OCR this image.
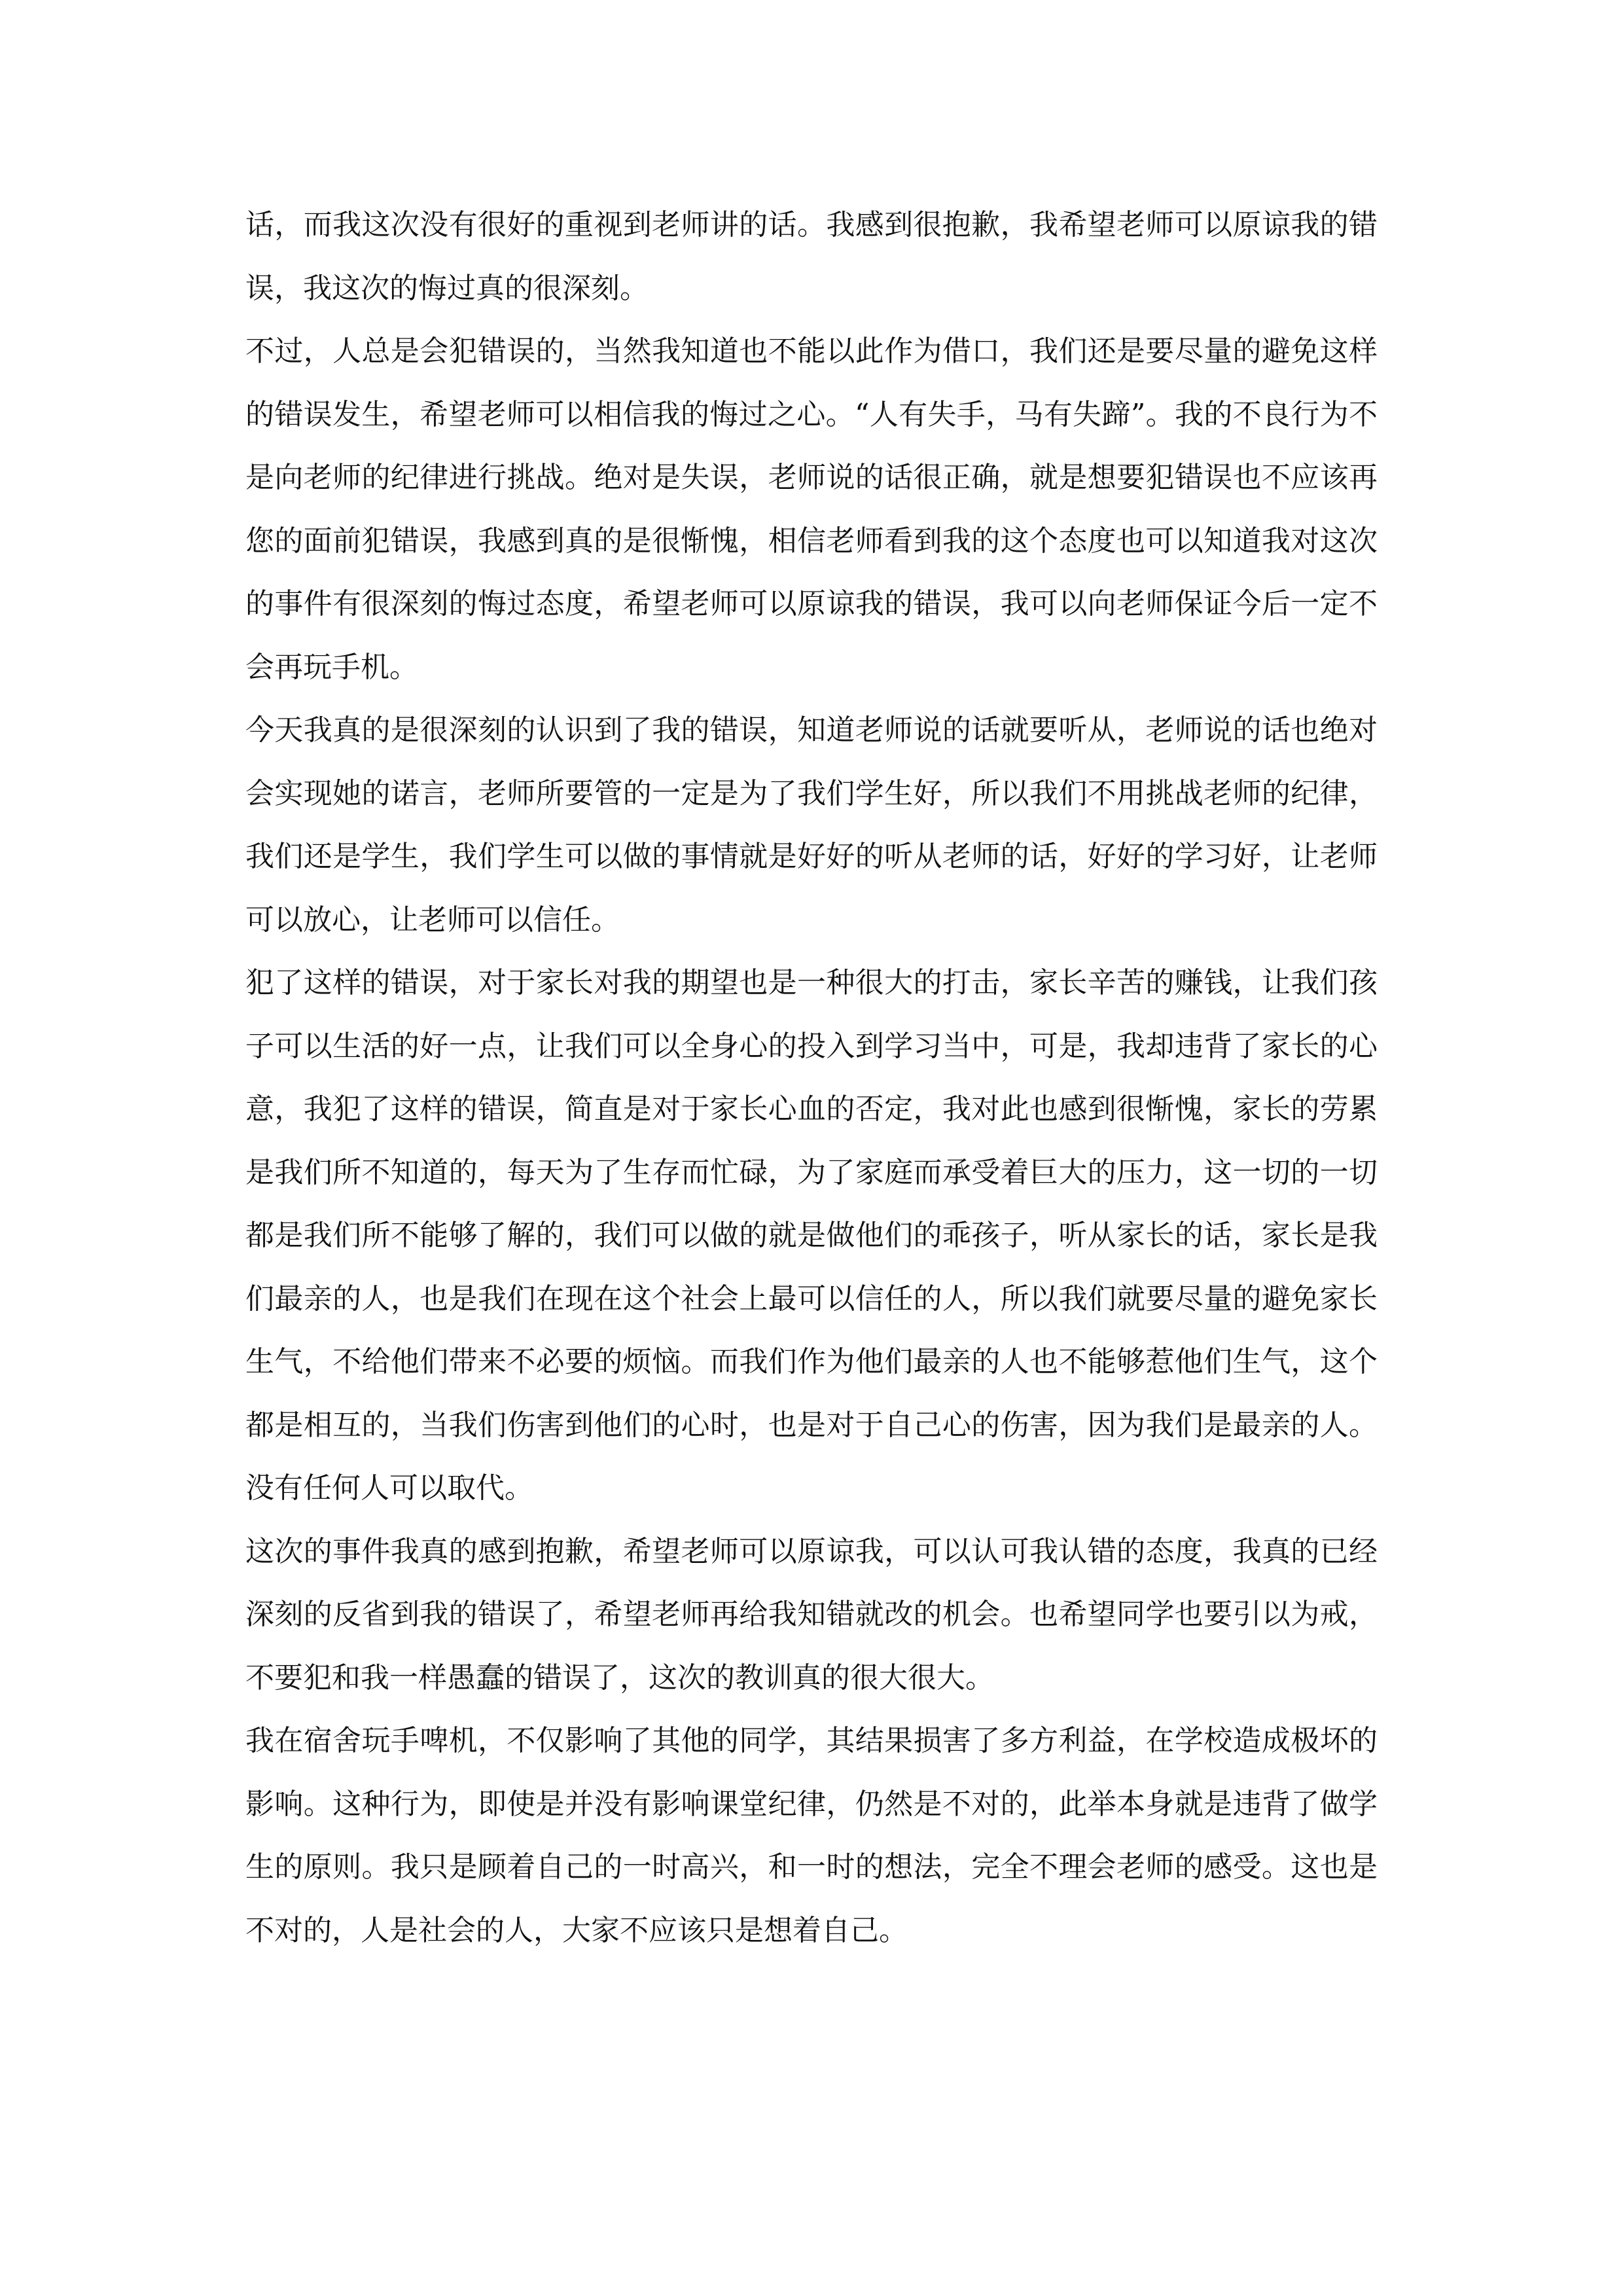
话，而我这次没有很好的重视到老师讲的话。我感到很抱歉，我希望老师可以原谅我的错误，我这次的悔过真的很深刻。

不过，人总是会犯错误的，当然我知道也不能以此作为借口，我们还是要尽量的避免这样的错误发生，希望老师可以相信我的悔过之心。“人有失手，马有失蹄”。我的不良行为不是向老师的纪律进行挑战。绝对是失误，老师说的话很正确，就是想要犯错误也不应该再您的面前犯错误，我感到真的是很惭愧，相信老师看到我的这个态度也可以知道我对这次的事件有很深刻的悔过态度，希望老师可以原谅我的错误，我可以向老师保证今后一定不会再玩手机。

今天我真的是很深刻的认识到了我的错误，知道老师说的话就要听从，老师说的话也绝对会实现她的诺言，老师所要管的一定是为了我们学生好，所以我们不用挑战老师的纪律，我们还是学生，我们学生可以做的事情就是好好的听从老师的话，好好的学习好，让老师可以放心，让老师可以信任。

犯了这样的错误，对于家长对我的期望也是一种很大的打击，家长辛苦的赚钱，让我们孩子可以生活的好一点，让我们可以全身心的投入到学习当中，可是，我却违背了家长的心意，我犯了这样的错误，简直是对于家长心血的否定，我对此也感到很惭愧，家长的劳累是我们所不知道的，每天为了生存而忙碌，为了家庭而承受着巨大的压力，这一切的一切都是我们所不能够了解的，我们可以做的就是做他们的乖孩子，听从家长的话，家长是我们最亲的人，也是我们在现在这个社会上最可以信任的人，所以我们就要尽量的避免家长生气，不给他们带来不必要的烦恼。而我们作为他们最亲的人也不能够惹他们生气，这个都是相互的，当我们伤害到他们的心时，也是对于自己心的伤害，因为我们是最亲的人。没有任何人可以取代。

这次的事件我真的感到抱歉，希望老师可以原谅我，可以认可我认错的态度，我真的已经深刻的反省到我的错误了，希望老师再给我知错就改的机会。也希望同学也要引以为戒，不要犯和我一样愚蠢的错误了，这次的教训真的很大很大。

我在宿舍玩手啤机，不仅影响了其他的同学，其结果损害了多方利益，在学校造成极坏的影响。这种行为，即使是并没有影响课堂纪律，仍然是不对的，此举本身就是违背了做学生的原则。我只是顾着自己的一时高兴，和一时的想法，完全不理会老师的感受。这也是不对的，人是社会的人，大家不应该只是想着自己。
